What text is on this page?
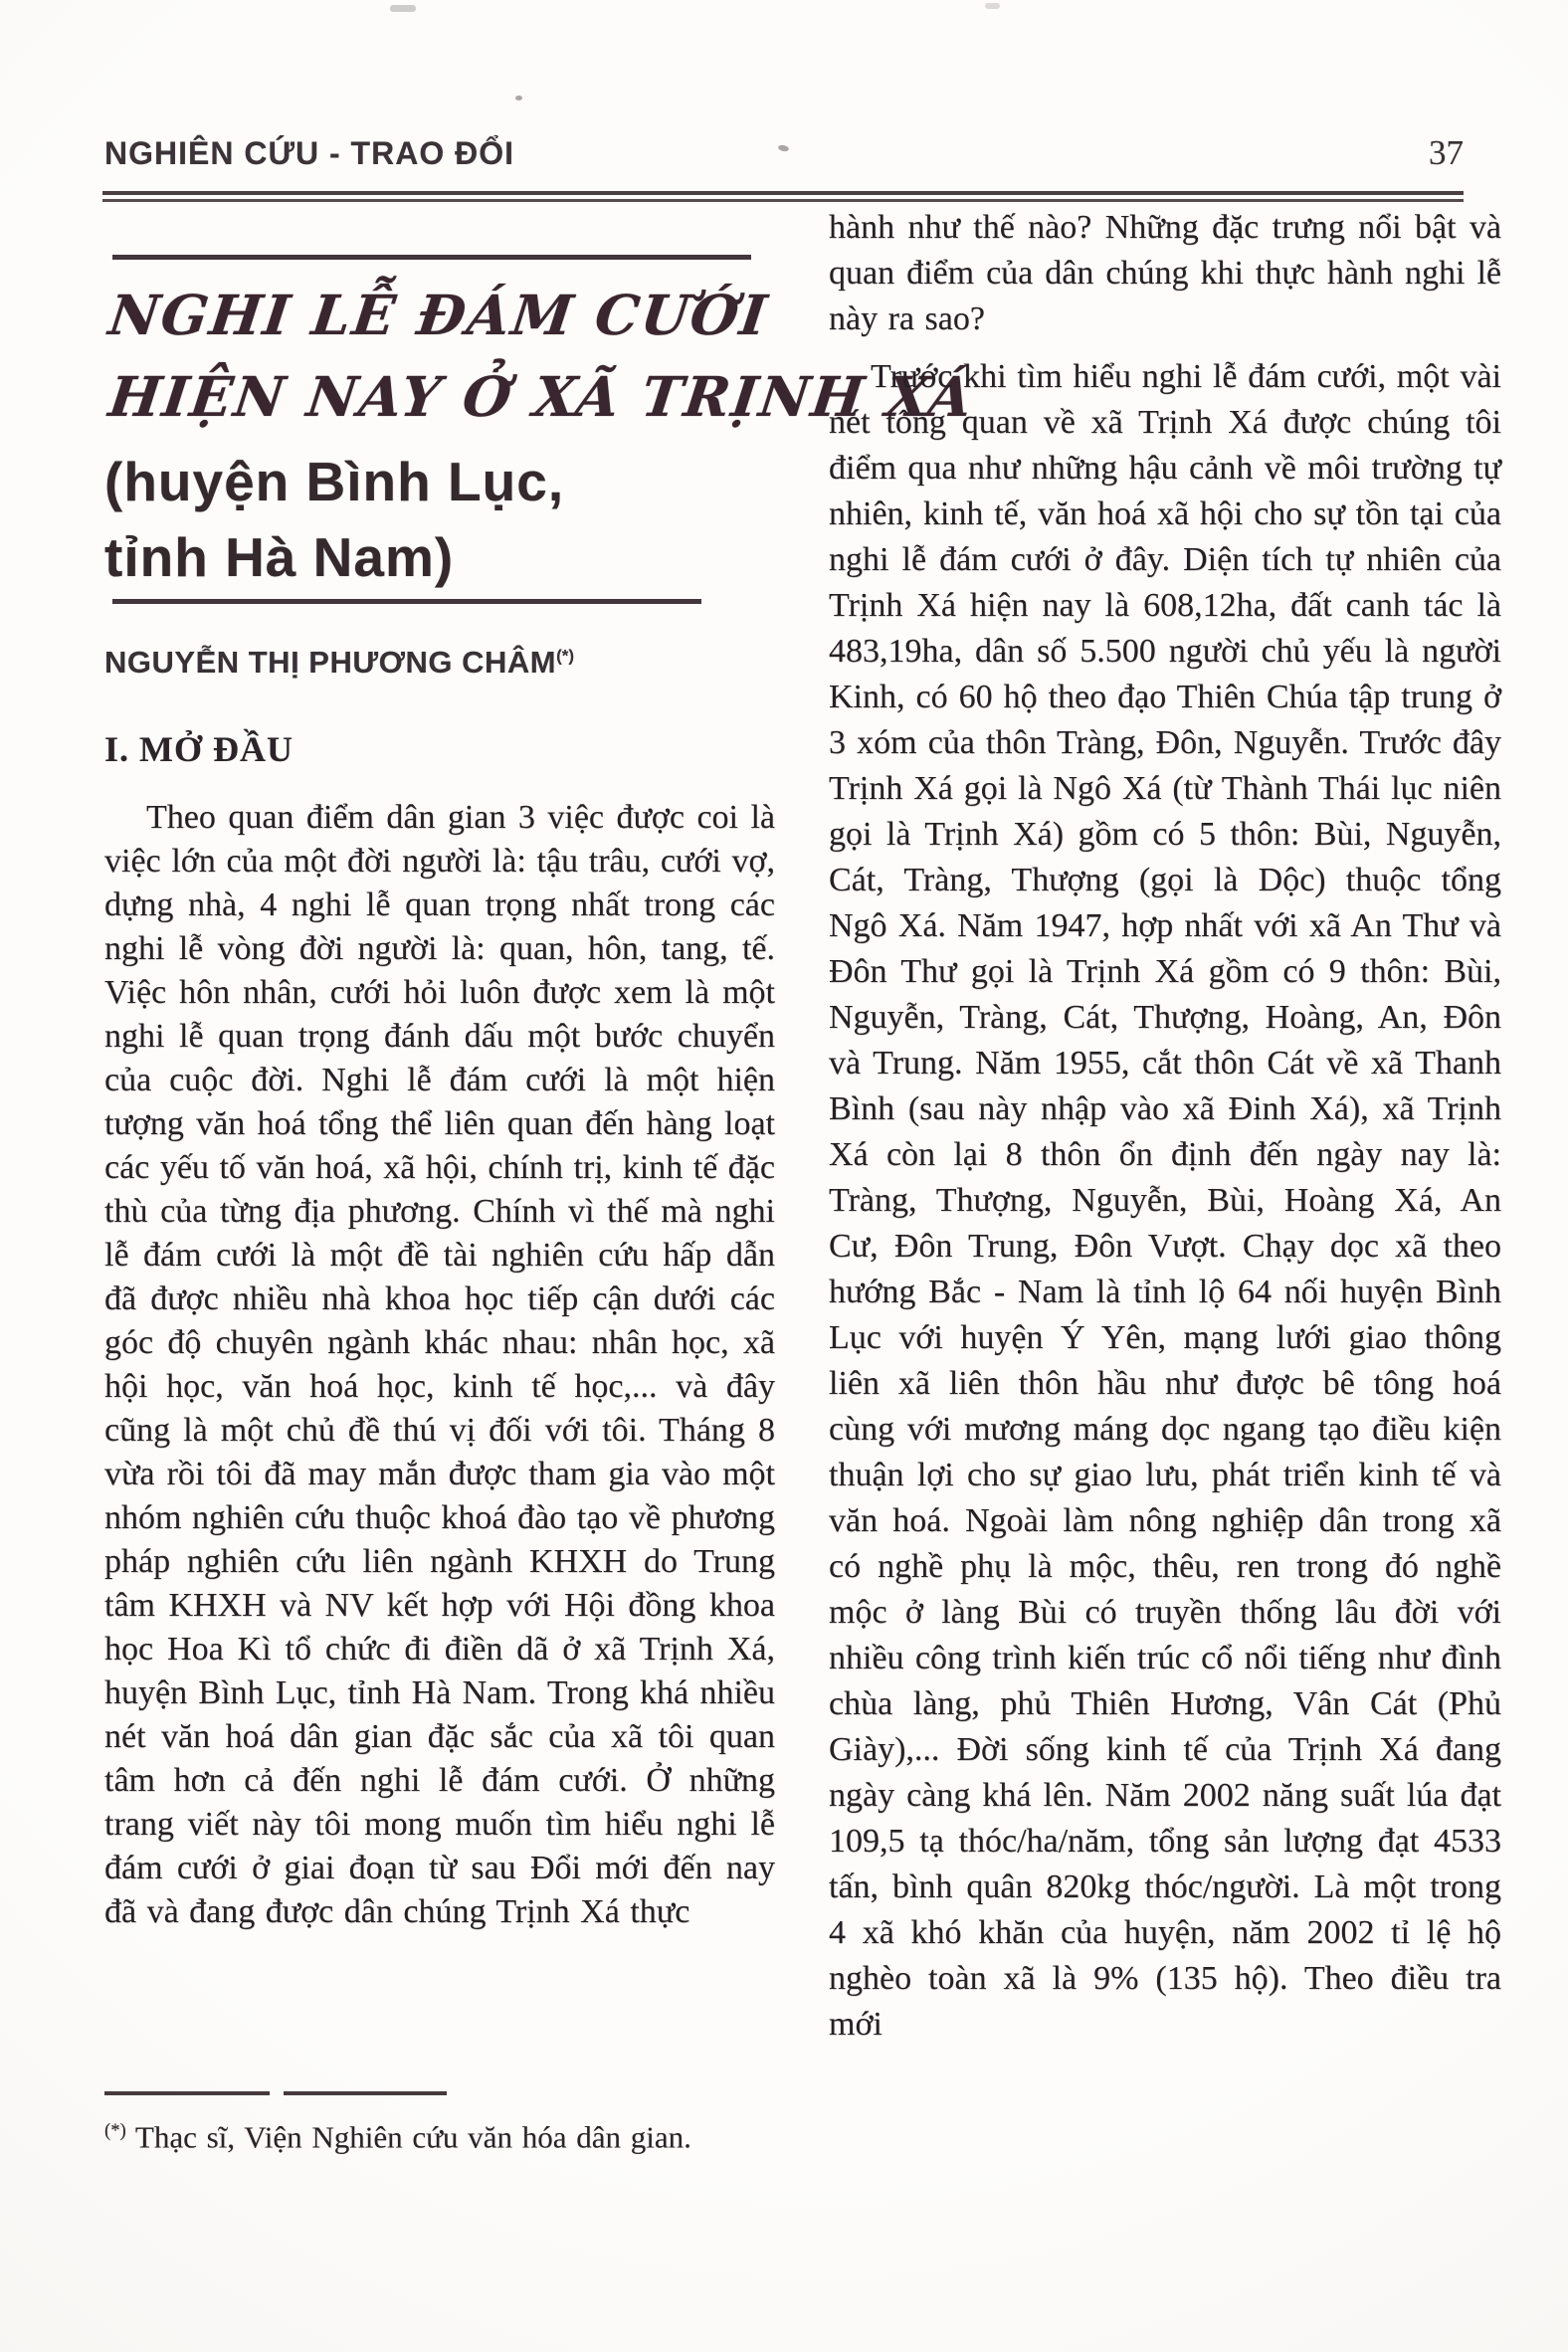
NGHIÊN CỨU - TRAO ĐỔI	37
NGHI LỄ ĐÁM CƯỚI
HIỆN NAY Ở XÃ TRỊNH XÁ
(huyện Bình Lục,
tỉnh Hà Nam)
NGUYỄN THỊ PHƯƠNG CHÂM(*)
I. MỞ ĐẦU

Theo quan điểm dân gian 3 việc được coi là việc lớn của một đời người là: tậu trâu, cưới vợ, dựng nhà, 4 nghi lễ quan trọng nhất trong các nghi lễ vòng đời người là: quan, hôn, tang, tế. Việc hôn nhân, cưới hỏi luôn được xem là một nghi lễ quan trọng đánh dấu một bước chuyển của cuộc đời. Nghi lễ đám cưới là một hiện tượng văn hoá tổng thể liên quan đến hàng loạt các yếu tố văn hoá, xã hội, chính trị, kinh tế đặc thù của từng địa phương. Chính vì thế mà nghi lễ đám cưới là một đề tài nghiên cứu hấp dẫn đã được nhiều nhà khoa học tiếp cận dưới các góc độ chuyên ngành khác nhau: nhân học, xã hội học, văn hoá học, kinh tế học,... và đây cũng là một chủ đề thú vị đối với tôi. Tháng 8 vừa rồi tôi đã may mắn được tham gia vào một nhóm nghiên cứu thuộc khoá đào tạo về phương pháp nghiên cứu liên ngành KHXH do Trung tâm KHXH và NV kết hợp với Hội đồng khoa học Hoa Kì tổ chức đi điền dã ở xã Trịnh Xá, huyện Bình Lục, tỉnh Hà Nam. Trong khá nhiều nét văn hoá dân gian đặc sắc của xã tôi quan tâm hơn cả đến nghi lễ đám cưới. Ở những trang viết này tôi mong muốn tìm hiểu nghi lễ đám cưới ở giai đoạn từ sau Đổi mới đến nay đã và đang được dân chúng Trịnh Xá thực

hành như thế nào? Những đặc trưng nổi bật và quan điểm của dân chúng khi thực hành nghi lễ này ra sao?

Trước khi tìm hiểu nghi lễ đám cưới, một vài nét tổng quan về xã Trịnh Xá được chúng tôi điểm qua như những hậu cảnh về môi trường tự nhiên, kinh tế, văn hoá xã hội cho sự tồn tại của nghi lễ đám cưới ở đây. Diện tích tự nhiên của Trịnh Xá hiện nay là 608,12ha, đất canh tác là 483,19ha, dân số 5.500 người chủ yếu là người Kinh, có 60 hộ theo đạo Thiên Chúa tập trung ở 3 xóm của thôn Tràng, Đôn, Nguyễn. Trước đây Trịnh Xá gọi là Ngô Xá (từ Thành Thái lục niên gọi là Trịnh Xá) gồm có 5 thôn: Bùi, Nguyễn, Cát, Tràng, Thượng (gọi là Dộc) thuộc tổng Ngô Xá. Năm 1947, hợp nhất với xã An Thư và Đôn Thư gọi là Trịnh Xá gồm có 9 thôn: Bùi, Nguyễn, Tràng, Cát, Thượng, Hoàng, An, Đôn và Trung. Năm 1955, cắt thôn Cát về xã Thanh Bình (sau này nhập vào xã Đinh Xá), xã Trịnh Xá còn lại 8 thôn ổn định đến ngày nay là: Tràng, Thượng, Nguyễn, Bùi, Hoàng Xá, An Cư, Đôn Trung, Đôn Vượt. Chạy dọc xã theo hướng Bắc - Nam là tỉnh lộ 64 nối huyện Bình Lục với huyện Ý Yên, mạng lưới giao thông liên xã liên thôn hầu như được bê tông hoá cùng với mương máng dọc ngang tạo điều kiện thuận lợi cho sự giao lưu, phát triển kinh tế và văn hoá. Ngoài làm nông nghiệp dân trong xã có nghề phụ là mộc, thêu, ren trong đó nghề mộc ở làng Bùi có truyền thống lâu đời với nhiều công trình kiến trúc cổ nổi tiếng như đình chùa làng, phủ Thiên Hương, Vân Cát (Phủ Giày),... Đời sống kinh tế của Trịnh Xá đang ngày càng khá lên. Năm 2002 năng suất lúa đạt 109,5 tạ thóc/ha/năm, tổng sản lượng đạt 4533 tấn, bình quân 820kg thóc/người. Là một trong 4 xã khó khăn của huyện, năm 2002 tỉ lệ hộ nghèo toàn xã là 9% (135 hộ). Theo điều tra mới

(*) Thạc sĩ, Viện Nghiên cứu văn hóa dân gian.
